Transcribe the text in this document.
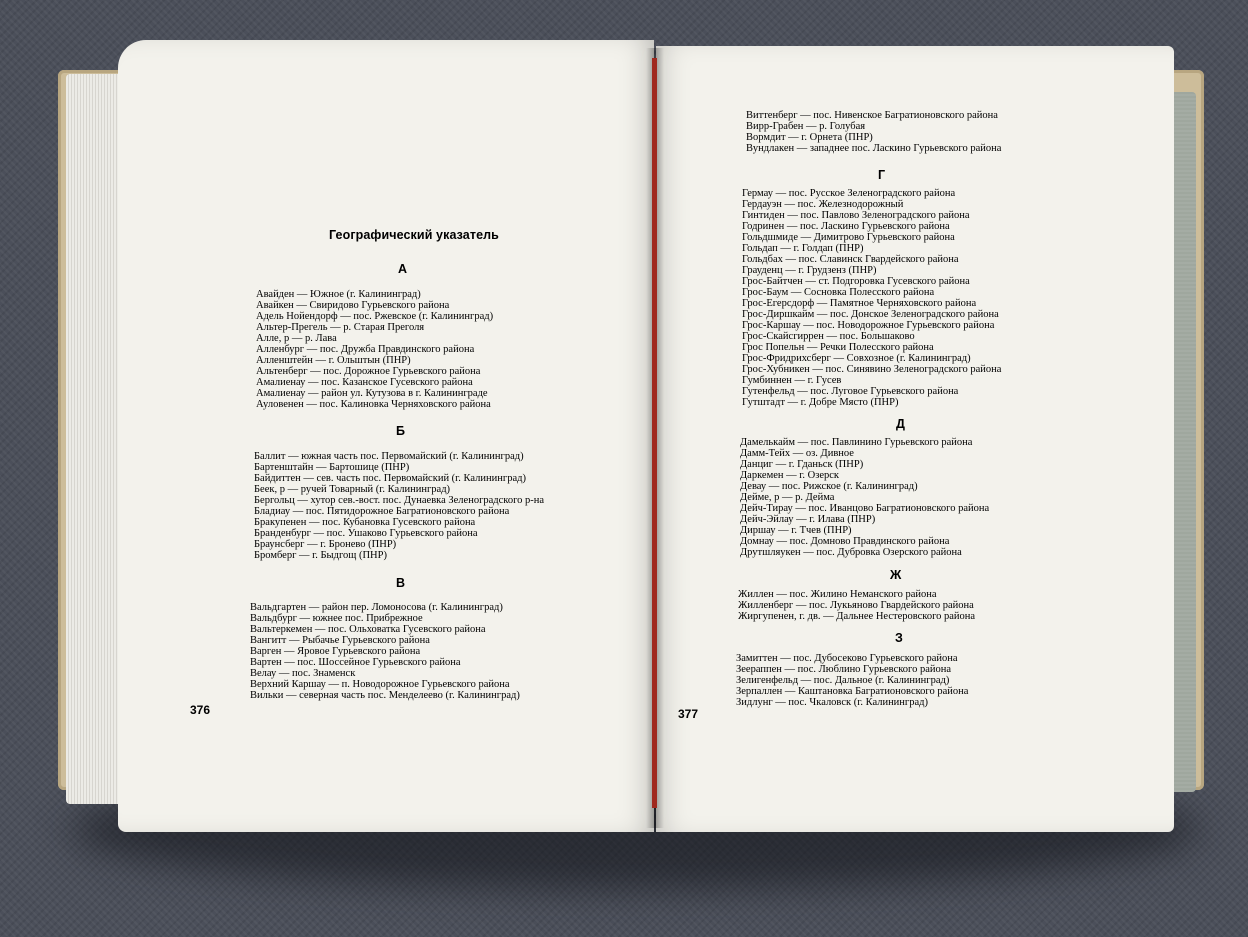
Географический указатель
А
Авайден — Южное (г. Калининград)
Авайкен — Свиридово Гурьевского района
Адель Нойендорф — пос. Ржевское (г. Калининград)
Альтер-Прегель — р. Старая Преголя
Алле, р — р. Лава
Алленбург — пос. Дружба Правдинского района
Алленштейн — г. Ольштын (ПНР)
Альтенберг — пос. Дорожное Гурьевского района
Амалиенау — пос. Казанское Гусевского района
Амалиенау — район ул. Кутузова в г. Калининграде
Ауловенен — пос. Калиновка Черняховского района
Б
Баллит — южная часть пос. Первомайский (г. Калининград)
Бартенштайн — Бартошице (ПНР)
Байдиттен — сев. часть пос. Первомайский (г. Калининград)
Беек, р — ручей Товарный (г. Калининград)
Бергольц — хутор сев.-вост. пос. Дунаевка Зеленоградского р-на
Бладиау — пос. Пятидорожное Багратионовского района
Бракупенен — пос. Кубановка Гусевского района
Бранденбург — пос. Ушаково Гурьевского района
Браунсберг — г. Бронево (ПНР)
Бромберг — г. Быдгощ (ПНР)
В
Вальдгартен — район пер. Ломоносова (г. Калининград)
Вальдбург — южнее пос. Прибрежное
Вальтеркемен — пос. Ольховатка Гусевского района
Вангитт — Рыбачье Гурьевского района
Варген — Яровое Гурьевского района
Вартен — пос. Шоссейное Гурьевского района
Велау — пос. Знаменск
Верхний Каршау — п. Новодорожное Гурьевского района
Вильки — северная часть пос. Менделеево (г. Калининград)
376
Виттенберг — пос. Нивенское Багратионовского района
Вирр-Грабен — р. Голубая
Вормдит — г. Орнета (ПНР)
Вундлакен — западнее пос. Ласкино Гурьевского района
Г
Гермау — пос. Русское Зеленоградского района
Гердауэн — пос. Железнодорожный
Гинтиден — пос. Павлово Зеленоградского района
Годринен — пос. Ласкино Гурьевского района
Гольдшмиде — Димитрово Гурьевского района
Гольдап — г. Голдап (ПНР)
Гольдбах — пос. Славинск Гвардейского района
Грауденц — г. Грудзенз (ПНР)
Грос-Байтчен — ст. Подгоровка Гусевского района
Грос-Баум — Сосновка Полесского района
Грос-Егерсдорф — Памятное Черняховского района
Грос-Диршкайм — пос. Донское Зеленоградского района
Грос-Каршау — пос. Новодорожное Гурьевского района
Грос-Скайсгиррен — пос. Большаково
Грос Попельн — Речки Полесского района
Грос-Фридрихсберг — Совхозное (г. Калининград)
Грос-Хубникен — пос. Синявино Зеленоградского района
Гумбиннен — г. Гусев
Гутенфельд — пос. Луговое Гурьевского района
Гутштадт — г. Добре Място (ПНР)
Д
Дамелькайм — пос. Павлинино Гурьевского района
Дамм-Тейх — оз. Дивное
Данциг — г. Гданьск (ПНР)
Даркемен — г. Озерск
Девау — пос. Рижское (г. Калининград)
Дейме, р — р. Дейма
Дейч-Тирау — пос. Иванцово Багратионовского района
Дейч-Эйлау — г. Илава (ПНР)
Диршау — г. Тчев (ПНР)
Домнау — пос. Домново Правдинского района
Друтшляукен — пос. Дубровка Озерского района
Ж
Жиллен — пос. Жилино Неманского района
Жилленберг — пос. Лукьяново Гвардейского района
Жиргупенен, г. дв. — Дальнее Нестеровского района
З
Замиттен — пос. Дубосеково Гурьевского района
Зеераппен — пос. Люблино Гурьевского района
Зелигенфельд — пос. Дальное (г. Калининград)
Зерпаллен — Каштановка Багратионовского района
Зидлунг — пос. Чкаловск (г. Калининград)
377
